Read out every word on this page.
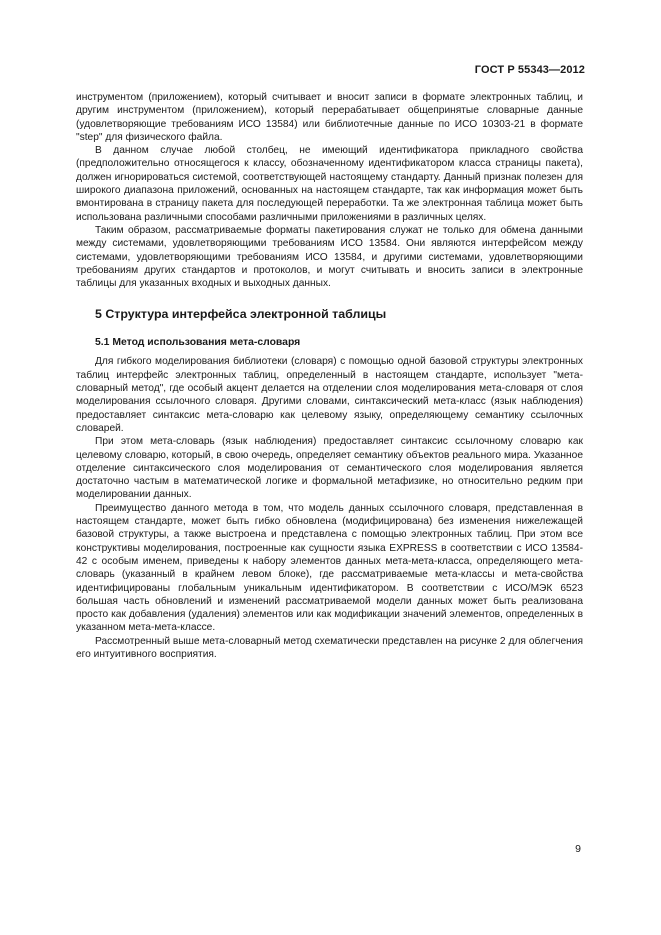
ГОСТ Р 55343—2012

инструментом (приложением), который считывает и вносит записи в формате электронных таблиц, и другим инструментом (приложением), который перерабатывает общепринятые словарные данные (удовлетворяющие требованиям ИСО 13584) или библиотечные данные по ИСО 10303-21 в формате "step" для физического файла.

В данном случае любой столбец, не имеющий идентификатора прикладного свойства (предположительно относящегося к классу, обозначенному идентификатором класса страницы пакета), должен игнорироваться системой, соответствующей настоящему стандарту. Данный признак полезен для широкого диапазона приложений, основанных на настоящем стандарте, так как информация может быть вмонтирована в страницу пакета для последующей переработки. Та же электронная таблица может быть использована различными способами различными приложениями в различных целях.

Таким образом, рассматриваемые форматы пакетирования служат не только для обмена данными между системами, удовлетворяющими требованиям ИСО 13584. Они являются интерфейсом между системами, удовлетворяющими требованиям ИСО 13584, и другими системами, удовлетворяющими требованиям других стандартов и протоколов, и могут считывать и вносить записи в электронные таблицы для указанных входных и выходных данных.

5 Структура интерфейса электронной таблицы

5.1 Метод использования мета-словаря

Для гибкого моделирования библиотеки (словаря) с помощью одной базовой структуры электронных таблиц интерфейс электронных таблиц, определенный в настоящем стандарте, использует "мета-словарный метод", где особый акцент делается на отделении слоя моделирования мета-словаря от слоя моделирования ссылочного словаря. Другими словами, синтаксический мета-класс (язык наблюдения) предоставляет синтаксис мета-словарю как целевому языку, определяющему семантику ссылочных словарей.

При этом мета-словарь (язык наблюдения) предоставляет синтаксис ссылочному словарю как целевому словарю, который, в свою очередь, определяет семантику объектов реального мира. Указанное отделение синтаксического слоя моделирования от семантического слоя моделирования является достаточно частым в математической логике и формальной метафизике, но относительно редким при моделировании данных.

Преимущество данного метода в том, что модель данных ссылочного словаря, представленная в настоящем стандарте, может быть гибко обновлена (модифицирована) без изменения нижележащей базовой структуры, а также выстроена и представлена с помощью электронных таблиц. При этом все конструктивы моделирования, построенные как сущности языка EXPRESS в соответствии с ИСО 13584-42 с особым именем, приведены к набору элементов данных мета-мета-класса, определяющего мета-словарь (указанный в крайнем левом блоке), где рассматриваемые мета-классы и мета-свойства идентифицированы глобальным уникальным идентификатором. В соответствии с ИСО/МЭК 6523 большая часть обновлений и изменений рассматриваемой модели данных может быть реализована просто как добавления (удаления) элементов или как модификации значений элементов, определенных в указанном мета-мета-классе.

Рассмотренный выше мета-словарный метод схематически представлен на рисунке 2 для облегчения его интуитивного восприятия.

9
